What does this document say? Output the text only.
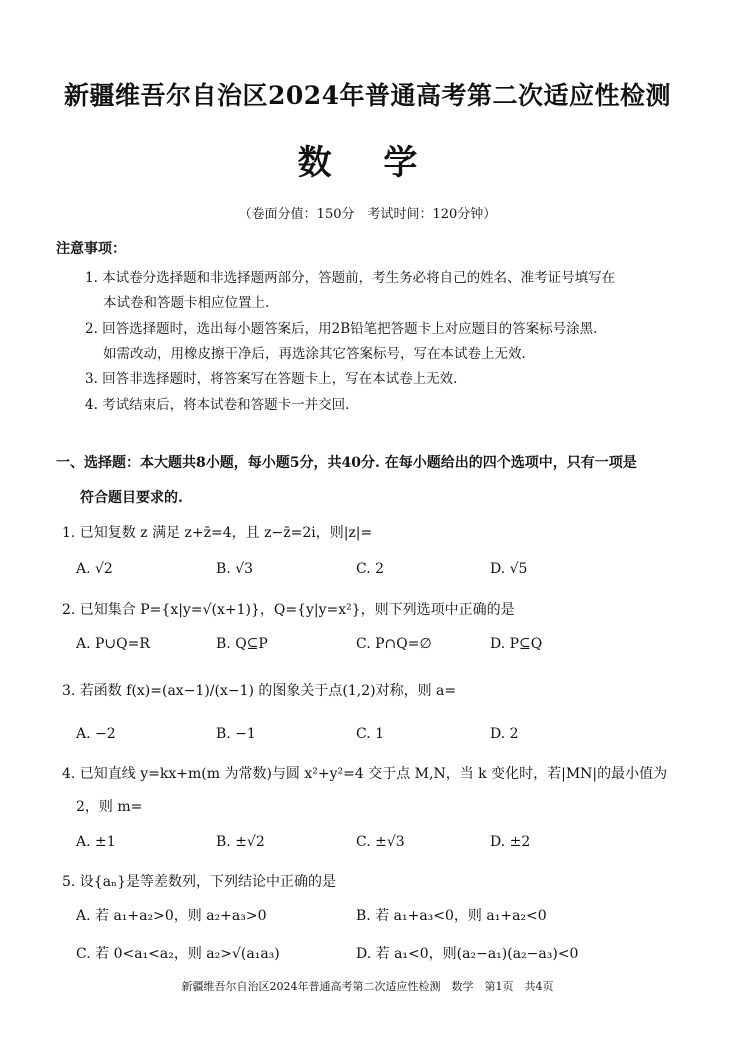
新疆维吾尔自治区2024年普通高考第二次适应性检测
数 学
（卷面分值：150分　考试时间：120分钟）
注意事项：
1. 本试卷分选择题和非选择题两部分，答题前，考生务必将自己的姓名、准考证号填写在
本试卷和答题卡相应位置上.
2. 回答选择题时，选出每小题答案后，用2B铅笔把答题卡上对应题目的答案标号涂黑.
如需改动，用橡皮擦干净后，再选涂其它答案标号，写在本试卷上无效.
3. 回答非选择题时，将答案写在答题卡上，写在本试卷上无效.
4. 考试结束后，将本试卷和答题卡一并交回.
一、选择题：本大题共8小题，每小题5分，共40分. 在每小题给出的四个选项中，只有一项是
符合题目要求的.
1. 已知复数 z 满足 z+z̄=4，且 z−z̄=2i，则|z|=
A. √2	B. √3	C. 2	D. √5
2. 已知集合 P={x|y=√(x+1)}，Q={y|y=x²}，则下列选项中正确的是
A. P∪Q=R	B. Q⊆P	C. P∩Q=∅	D. P⊆Q
3. 若函数 f(x)=(ax−1)/(x−1) 的图象关于点(1,2)对称，则 a=
A. −2	B. −1	C. 1	D. 2
4. 已知直线 y=kx+m(m 为常数)与圆 x²+y²=4 交于点 M,N，当 k 变化时，若|MN|的最小值为
2，则 m=
A. ±1	B. ±√2	C. ±√3	D. ±2
5. 设{aₙ}是等差数列，下列结论中正确的是
A. 若 a₁+a₂>0，则 a₂+a₃>0	B. 若 a₁+a₃<0，则 a₁+a₂<0
C. 若 0<a₁<a₂，则 a₂>√(a₁a₃)	D. 若 a₁<0，则(a₂−a₁)(a₂−a₃)<0
新疆维吾尔自治区2024年普通高考第二次适应性检测　数学　第1页　共4页
